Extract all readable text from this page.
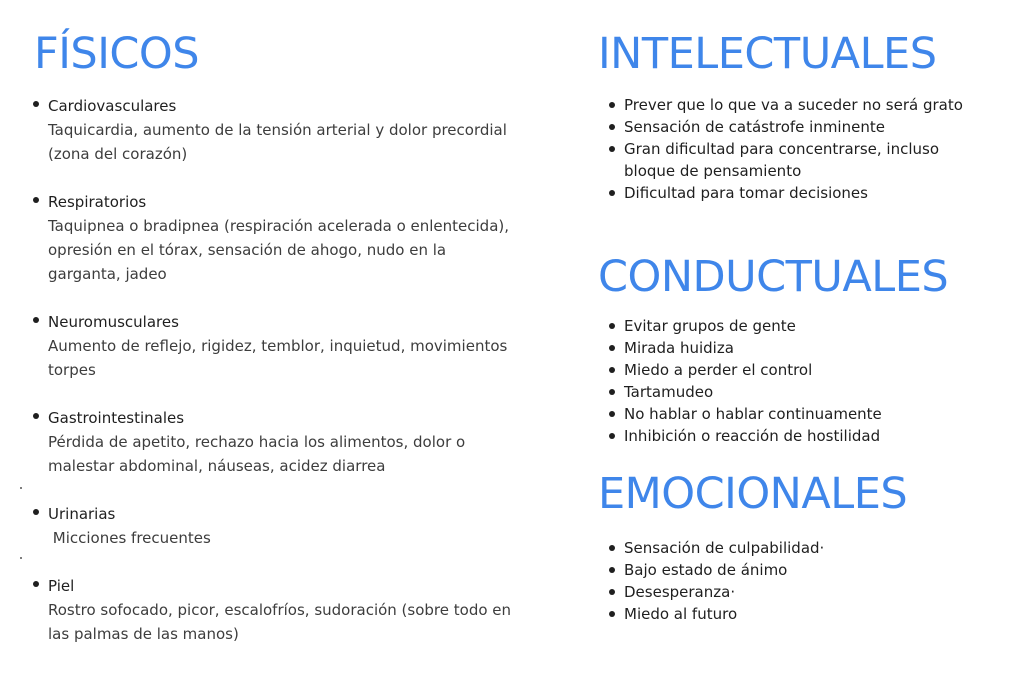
FÍSICOS
Cardiovasculares
Taquicardia, aumento de la tensión arterial y dolor precordial (zona del corazón)
Respiratorios
Taquipnea o bradipnea (respiración acelerada o enlentecida), opresión en el tórax, sensación de ahogo, nudo en la garganta, jadeo
Neuromusculares
Aumento de reflejo, rigidez, temblor, inquietud, movimientos torpes
Gastrointestinales
Pérdida de apetito, rechazo hacia los alimentos, dolor o malestar abdominal, náuseas, acidez diarrea
Urinarias
Micciones frecuentes
Piel
Rostro sofocado, picor, escalofríos, sudoración (sobre todo en las palmas de las manos)
INTELECTUALES
Prever que lo que va a suceder no será grato
Sensación de catástrofe inminente
Gran dificultad para concentrarse, incluso bloque de pensamiento
Dificultad para tomar decisiones
CONDUCTUALES
Evitar grupos de gente
Mirada huidiza
Miedo a perder el control
Tartamudeo
No hablar o hablar continuamente
Inhibición o reacción de hostilidad
EMOCIONALES
Sensación de culpabilidad·
Bajo estado de ánimo
Desesperanza·
Miedo al futuro
